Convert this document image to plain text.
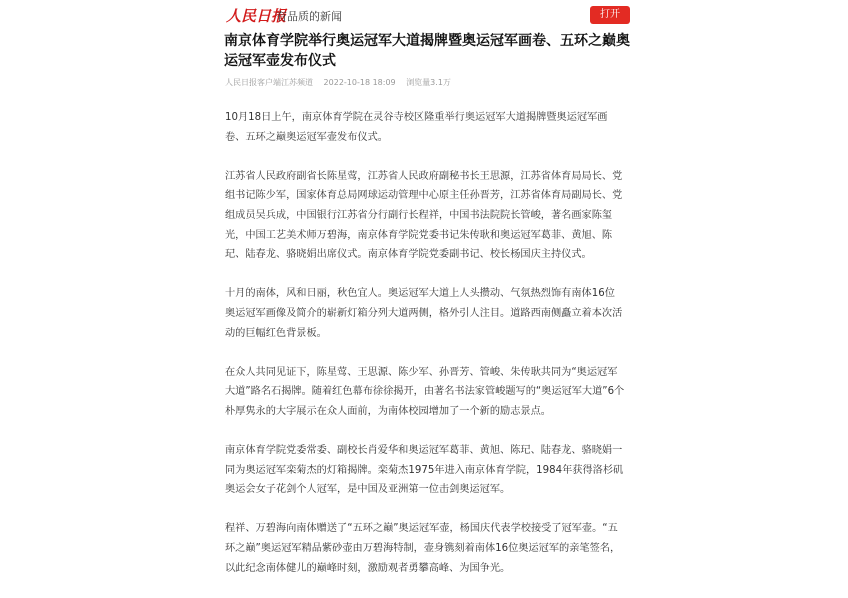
人民日报
有品质的新闻	打开
南京体育学院举行奥运冠军大道揭牌暨奥运冠军画卷、五环之巅奥运冠军壶发布仪式
人民日报客户端江苏频道 2022-10-18 18:09 浏览量3.1万

10月18日上午，南京体育学院在灵谷寺校区隆重举行奥运冠军大道揭牌暨奥运冠军画卷、五环之巅奥运冠军壶发布仪式。

江苏省人民政府副省长陈星莺，江苏省人民政府副秘书长王思源，江苏省体育局局长、党组书记陈少军，国家体育总局网球运动管理中心原主任孙晋芳，江苏省体育局副局长、党组成员吴兵成，中国银行江苏省分行副行长程祥，中国书法院院长管峻，著名画家陈玺光，中国工艺美术师万碧海，南京体育学院党委书记朱传耿和奥运冠军葛菲、黄旭、陈玘、陆春龙、骆晓娟出席仪式。南京体育学院党委副书记、校长杨国庆主持仪式。

十月的南体，风和日丽，秋色宜人。奥运冠军大道上人头攒动、气氛热烈饰有南体16位奥运冠军画像及简介的崭新灯箱分列大道两侧，格外引人注目。道路西南侧矗立着本次活动的巨幅红色背景板。

在众人共同见证下，陈星莺、王思源、陈少军、孙晋芳、管峻、朱传耿共同为“奥运冠军大道”路名石揭牌。随着红色幕布徐徐揭开，由著名书法家管峻题写的“奥运冠军大道”6个朴厚隽永的大字展示在众人面前，为南体校园增加了一个新的励志景点。

南京体育学院党委常委、副校长肖爱华和奥运冠军葛菲、黄旭、陈玘、陆春龙、骆晓娟一同为奥运冠军栾菊杰的灯箱揭牌。栾菊杰1975年进入南京体育学院，1984年获得洛杉矶奥运会女子花剑个人冠军，是中国及亚洲第一位击剑奥运冠军。

程祥、万碧海向南体赠送了“五环之巅”奥运冠军壶，杨国庆代表学校接受了冠军壶。“五环之巅”奥运冠军精品紫砂壶由万碧海特制，壶身镌刻着南体16位奥运冠军的亲笔签名，以此纪念南体健儿的巅峰时刻，激励观者勇攀高峰、为国争光。
